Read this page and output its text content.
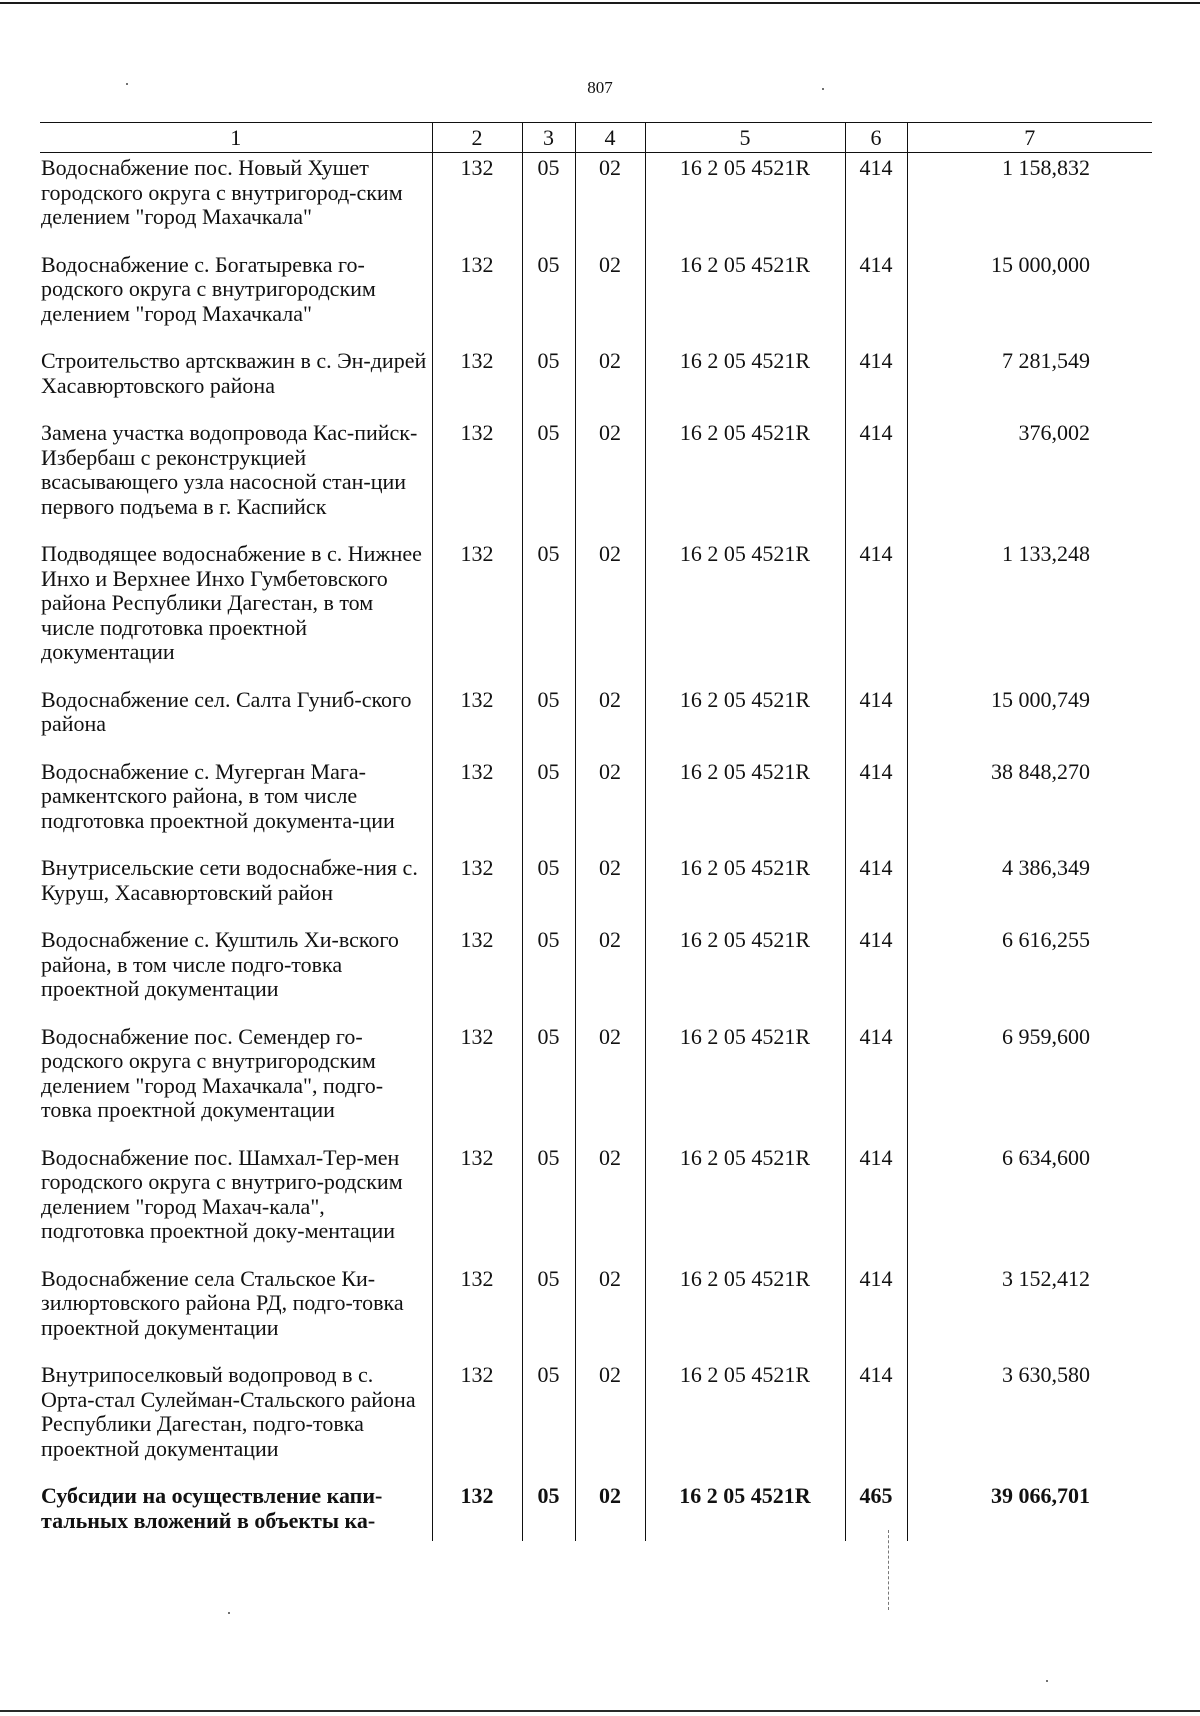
807
1	2	3	4	5	6	7
Водоснабжение пос. Новый Хушет городского округа с внутригород-ским делением "город Махачкала"	132	05	02	16 2 05 4521R	414	1 158,832
Водоснабжение с. Богатыревка го-родского округа с внутригородским делением "город Махачкала"	132	05	02	16 2 05 4521R	414	15 000,000
Строительство артскважин в с. Эн-дирей Хасавюртовского района	132	05	02	16 2 05 4521R	414	7 281,549
Замена участка водопровода Кас-пийск-Избербаш с реконструкцией всасывающего узла насосной стан-ции первого подъема в г. Каспийск	132	05	02	16 2 05 4521R	414	376,002
Подводящее водоснабжение в с. Нижнее Инхо и Верхнее Инхо Гумбетовского района Республики Дагестан, в том числе подготовка проектной документации	132	05	02	16 2 05 4521R	414	1 133,248
Водоснабжение сел. Салта Гуниб-ского района	132	05	02	16 2 05 4521R	414	15 000,749
Водоснабжение с. Мугерган Мага-рамкентского района, в том числе подготовка проектной документа-ции	132	05	02	16 2 05 4521R	414	38 848,270
Внутрисельские сети водоснабже-ния с. Куруш, Хасавюртовский район	132	05	02	16 2 05 4521R	414	4 386,349
Водоснабжение с. Куштиль Хи-вского района, в том числе подго-товка проектной документации	132	05	02	16 2 05 4521R	414	6 616,255
Водоснабжение пос. Семендер го-родского округа с внутригородским делением "город Махачкала", подго-товка проектной документации	132	05	02	16 2 05 4521R	414	6 959,600
Водоснабжение пос. Шамхал-Тер-мен городского округа с внутриго-родским делением "город Махач-кала", подготовка проектной доку-ментации	132	05	02	16 2 05 4521R	414	6 634,600
Водоснабжение села Стальское Ки-зилюртовского района РД, подго-товка проектной документации	132	05	02	16 2 05 4521R	414	3 152,412
Внутрипоселковый водопровод в с. Орта-стал Сулейман-Стальского района Республики Дагестан, подго-товка проектной документации	132	05	02	16 2 05 4521R	414	3 630,580
Субсидии на осуществление капи-тальных вложений в объекты ка-	132	05	02	16 2 05 4521R	465	39 066,701
